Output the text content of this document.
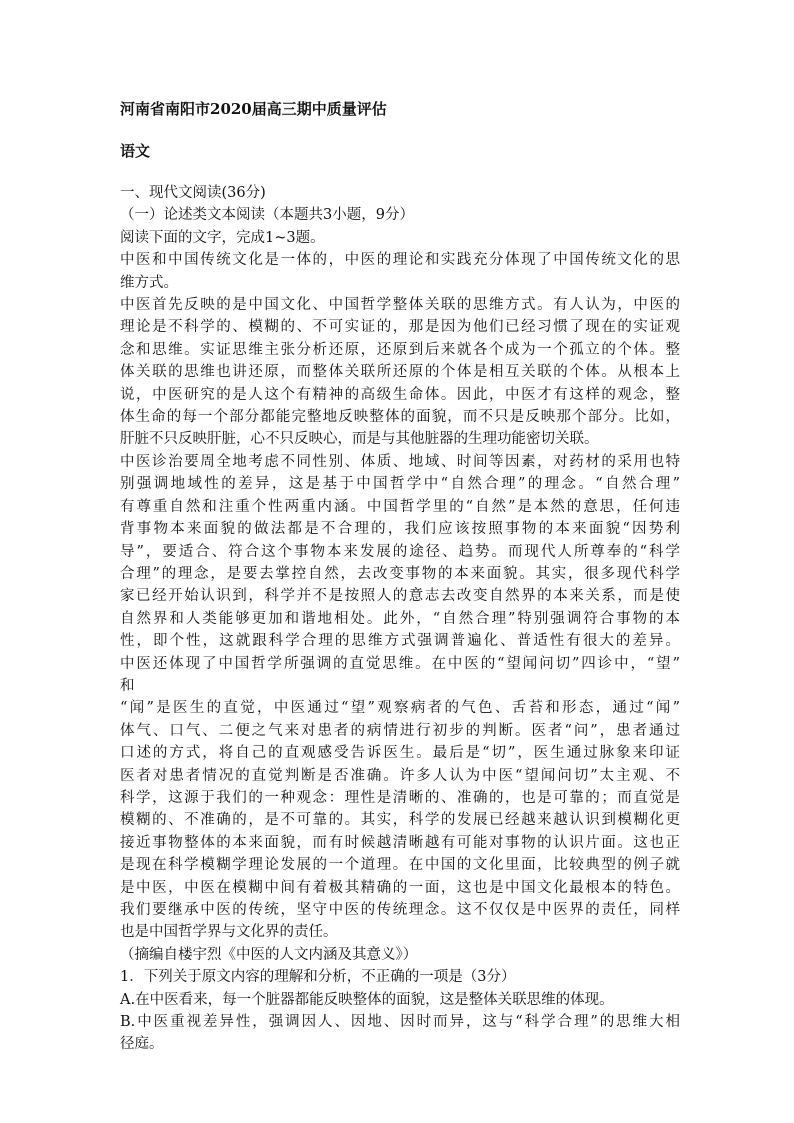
河南省南阳市2020届高三期中质量评估
语文

一、现代文阅读(36分)

（一）论述类文本阅读（本题共3小题，9分）

阅读下面的文字，完成1~3题。

中医和中国传统文化是一体的，中医的理论和实践充分体现了中国传统文化的思

维方式。

中医首先反映的是中国文化、中国哲学整体关联的思维方式。有人认为，中医的

理论是不科学的、模糊的、不可实证的，那是因为他们已经习惯了现在的实证观

念和思维。实证思维主张分析还原，还原到后来就各个成为一个孤立的个体。整

体关联的思维也讲还原，而整体关联所还原的个体是相互关联的个体。从根本上

说，中医研究的是人这个有精神的高级生命体。因此，中医才有这样的观念，整

体生命的每一个部分都能完整地反映整体的面貌，而不只是反映那个部分。比如，

肝脏不只反映肝脏，心不只反映心，而是与其他脏器的生理功能密切关联。

中医诊治要周全地考虑不同性别、体质、地域、时间等因素，对药材的采用也特

别强调地域性的差异，这是基于中国哲学中“自然合理”的理念。“自然合理”

有尊重自然和注重个性两重内涵。中国哲学里的“自然”是本然的意思，任何违

背事物本来面貌的做法都是不合理的，我们应该按照事物的本来面貌“因势利

导”，要适合、符合这个事物本来发展的途径、趋势。而现代人所尊奉的“科学

合理”的理念，是要去掌控自然，去改变事物的本来面貌。其实，很多现代科学

家已经开始认识到，科学并不是按照人的意志去改变自然界的本来关系，而是使

自然界和人类能够更加和谐地相处。此外，“自然合理”特别强调符合事物的本

性，即个性，这就跟科学合理的思维方式强调普遍化、普适性有很大的差异。

中医还体现了中国哲学所强调的直觉思维。在中医的“望闻问切”四诊中，“望”

和

“闻”是医生的直觉，中医通过“望”观察病者的气色、舌苔和形态，通过“闻”

体气、口气、二便之气来对患者的病情进行初步的判断。医者“问”，患者通过

口述的方式，将自己的直观感受告诉医生。最后是“切”，医生通过脉象来印证

医者对患者情况的直觉判断是否准确。许多人认为中医“望闻问切”太主观、不

科学，这源于我们的一种观念：理性是清晰的、准确的，也是可靠的；而直觉是

模糊的、不准确的，是不可靠的。其实，科学的发展已经越来越认识到模糊化更

接近事物整体的本来面貌，而有时候越清晰越有可能对事物的认识片面。这也正

是现在科学模糊学理论发展的一个道理。在中国的文化里面，比较典型的例子就

是中医，中医在模糊中间有着极其精确的一面，这也是中国文化最根本的特色。

我们要继承中医的传统，坚守中医的传统理念。这不仅仅是中医界的责任，同样

也是中国哲学界与文化界的责任。

（摘编自楼宇烈《中医的人文内涵及其意义》）

1．下列关于原文内容的理解和分析，不正确的一项是（3分）

A.在中医看来，每一个脏器都能反映整体的面貌，这是整体关联思维的体现。

B.中医重视差异性，强调因人、因地、因时而异，这与“科学合理”的思维大相

径庭。
